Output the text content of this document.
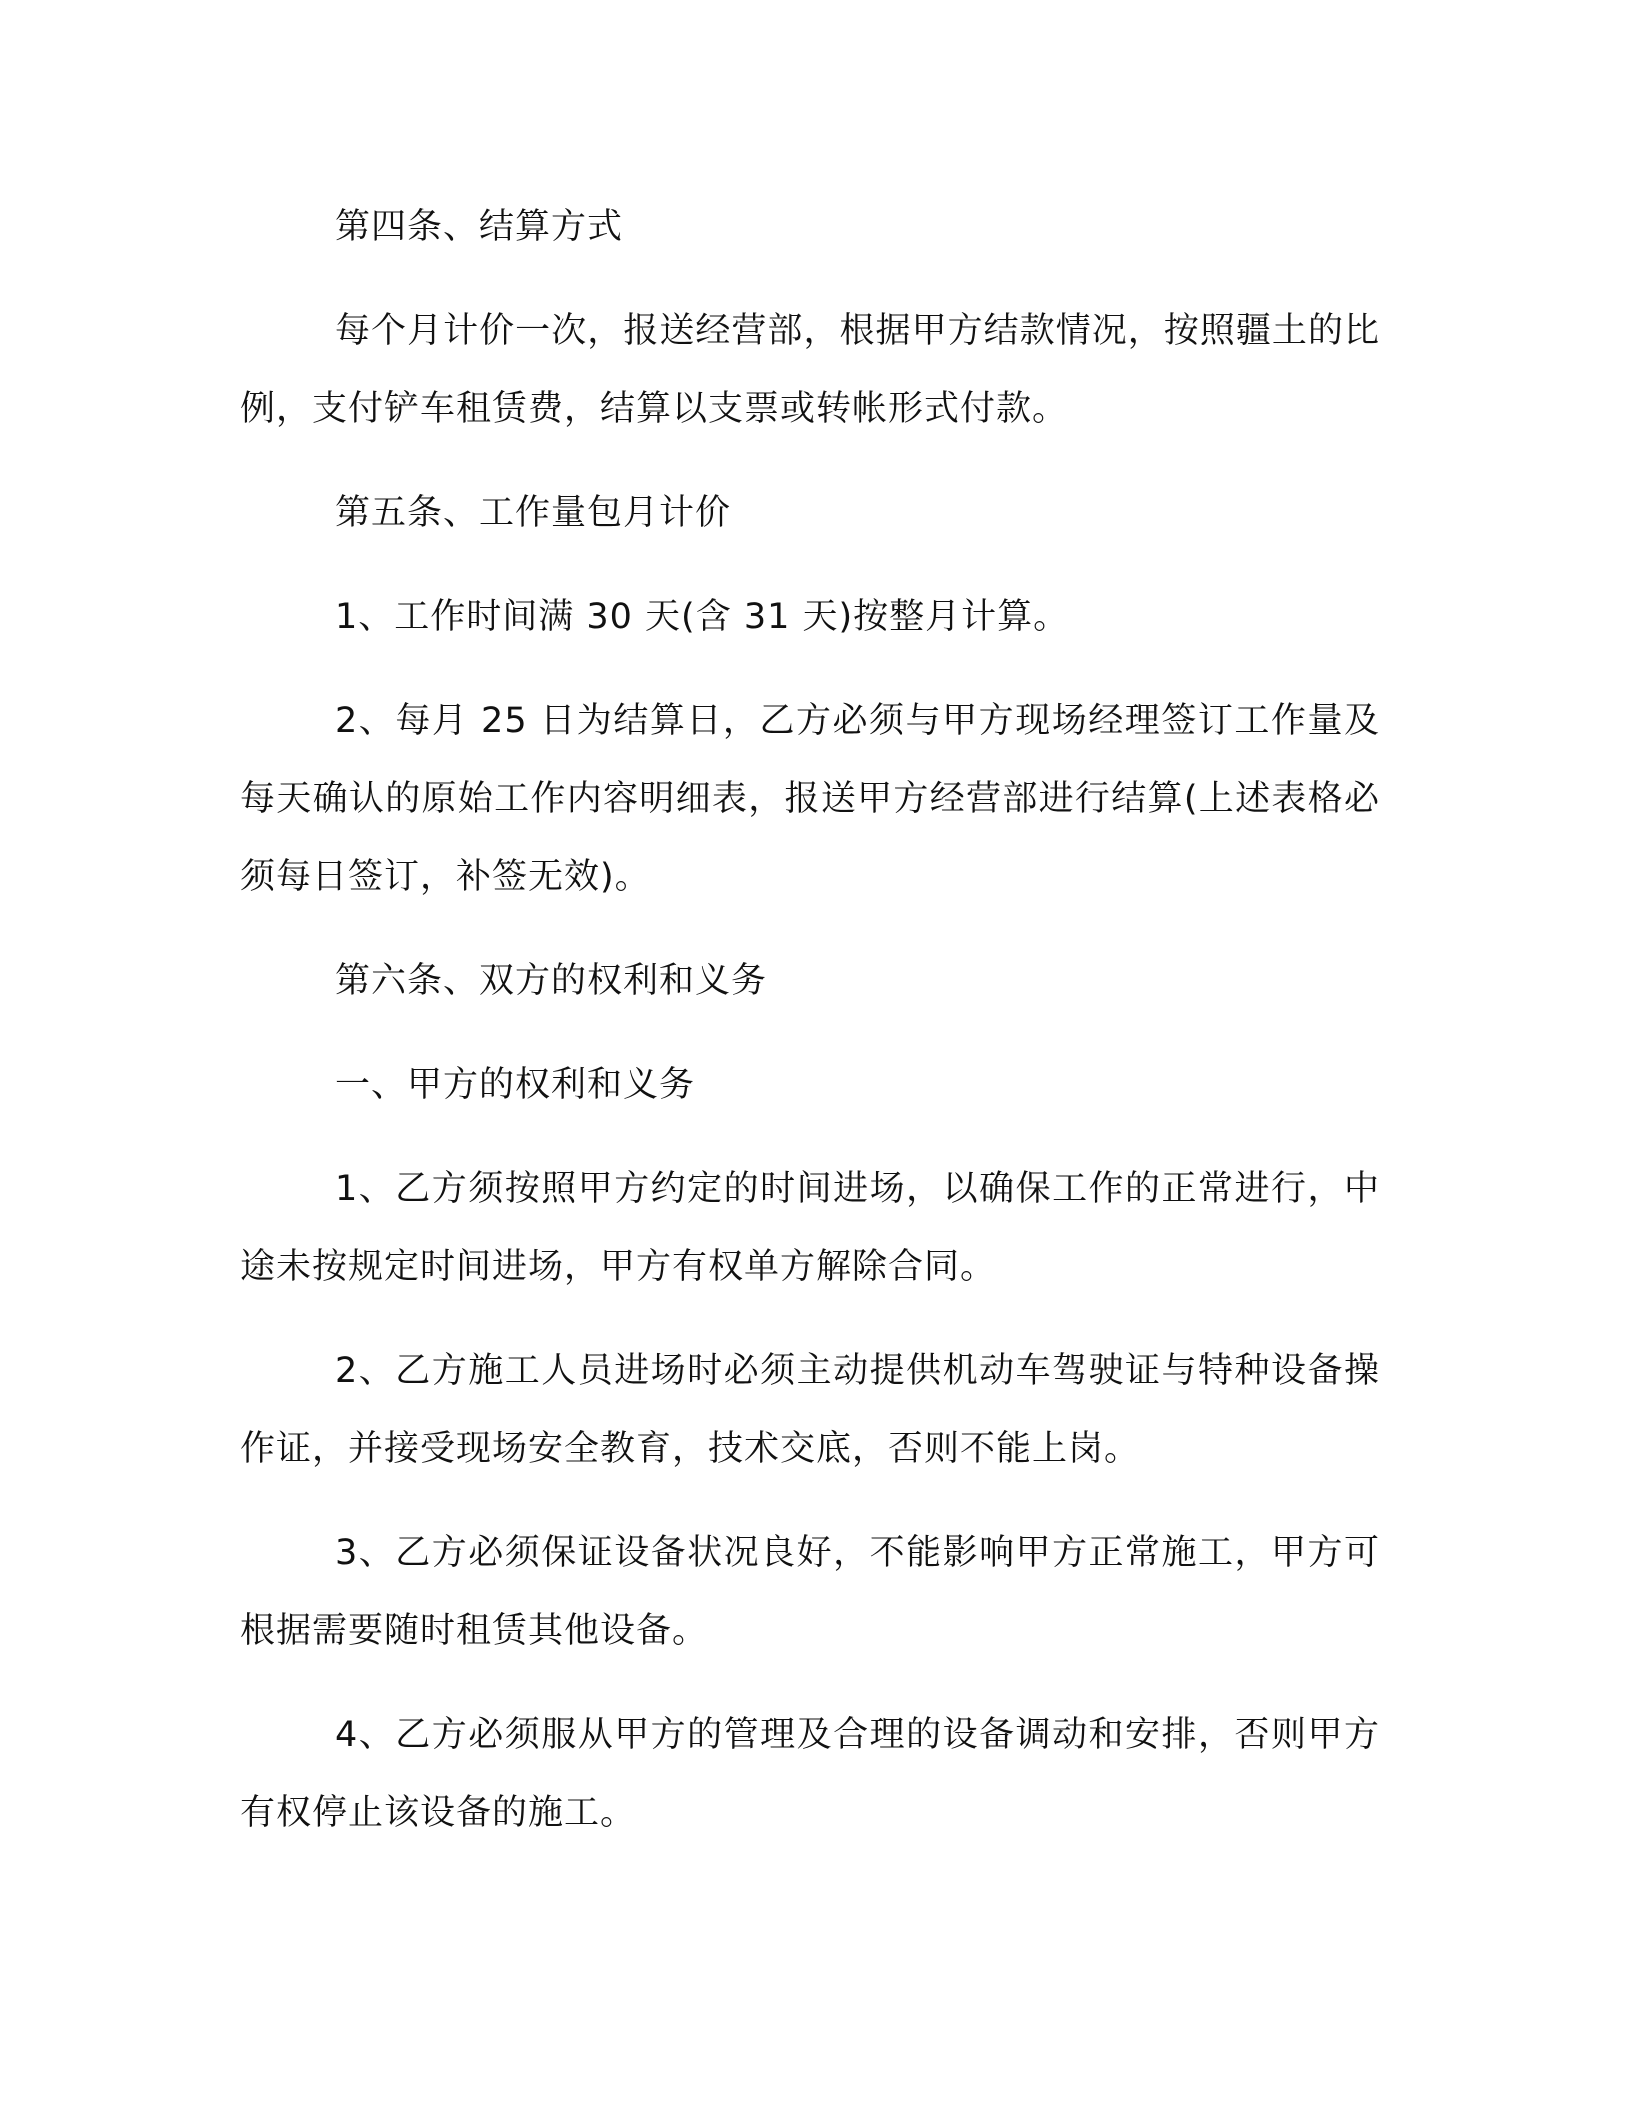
第四条、结算方式

每个月计价一次，报送经营部，根据甲方结款情况，按照疆土的比例，支付铲车租赁费，结算以支票或转帐形式付款。

第五条、工作量包月计价

1、工作时间满 30 天(含 31 天)按整月计算。

2、每月 25 日为结算日，乙方必须与甲方现场经理签订工作量及每天确认的原始工作内容明细表，报送甲方经营部进行结算(上述表格必须每日签订，补签无效)。

第六条、双方的权利和义务

一、甲方的权利和义务

1、乙方须按照甲方约定的时间进场，以确保工作的正常进行，中途未按规定时间进场，甲方有权单方解除合同。

2、乙方施工人员进场时必须主动提供机动车驾驶证与特种设备操作证，并接受现场安全教育，技术交底，否则不能上岗。

3、乙方必须保证设备状况良好，不能影响甲方正常施工，甲方可根据需要随时租赁其他设备。

4、乙方必须服从甲方的管理及合理的设备调动和安排，否则甲方有权停止该设备的施工。
